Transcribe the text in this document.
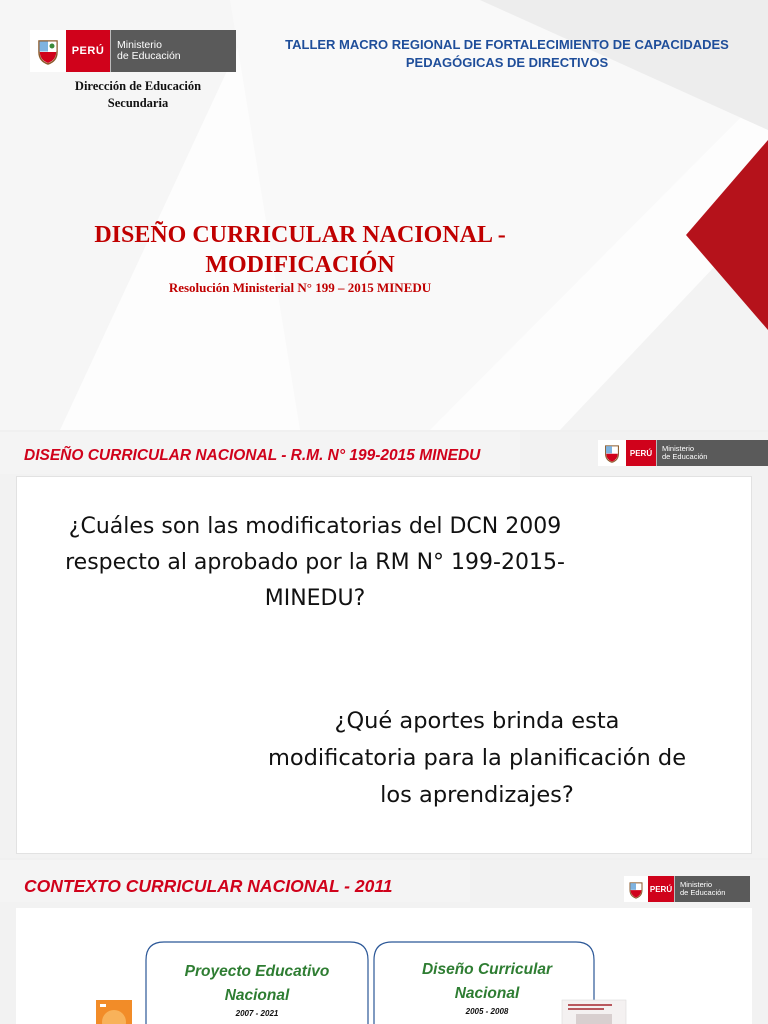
PERÚ
Ministerio
de Educación
Dirección de Educación
Secundaria
TALLER MACRO REGIONAL DE FORTALECIMIENTO DE CAPACIDADES
PEDAGÓGICAS DE DIRECTIVOS
DISEÑO CURRICULAR NACIONAL -
MODIFICACIÓN
Resolución Ministerial N° 199 – 2015 MINEDU
DISEÑO CURRICULAR NACIONAL - R.M. N° 199-2015 MINEDU	PERÚ	Ministerio
de Educación
¿Cuáles son las modificatorias del DCN 2009
respecto al aprobado por la RM N° 199-2015-
MINEDU?
¿Qué aportes brinda esta
modificatoria para la planificación de
los aprendizajes?
CONTEXTO CURRICULAR NACIONAL - 2011	PERÚ Ministerio
de Educación
Proyecto Educativo
Nacional
2007 - 2021
Diseño Curricular
Nacional
2005 - 2008
